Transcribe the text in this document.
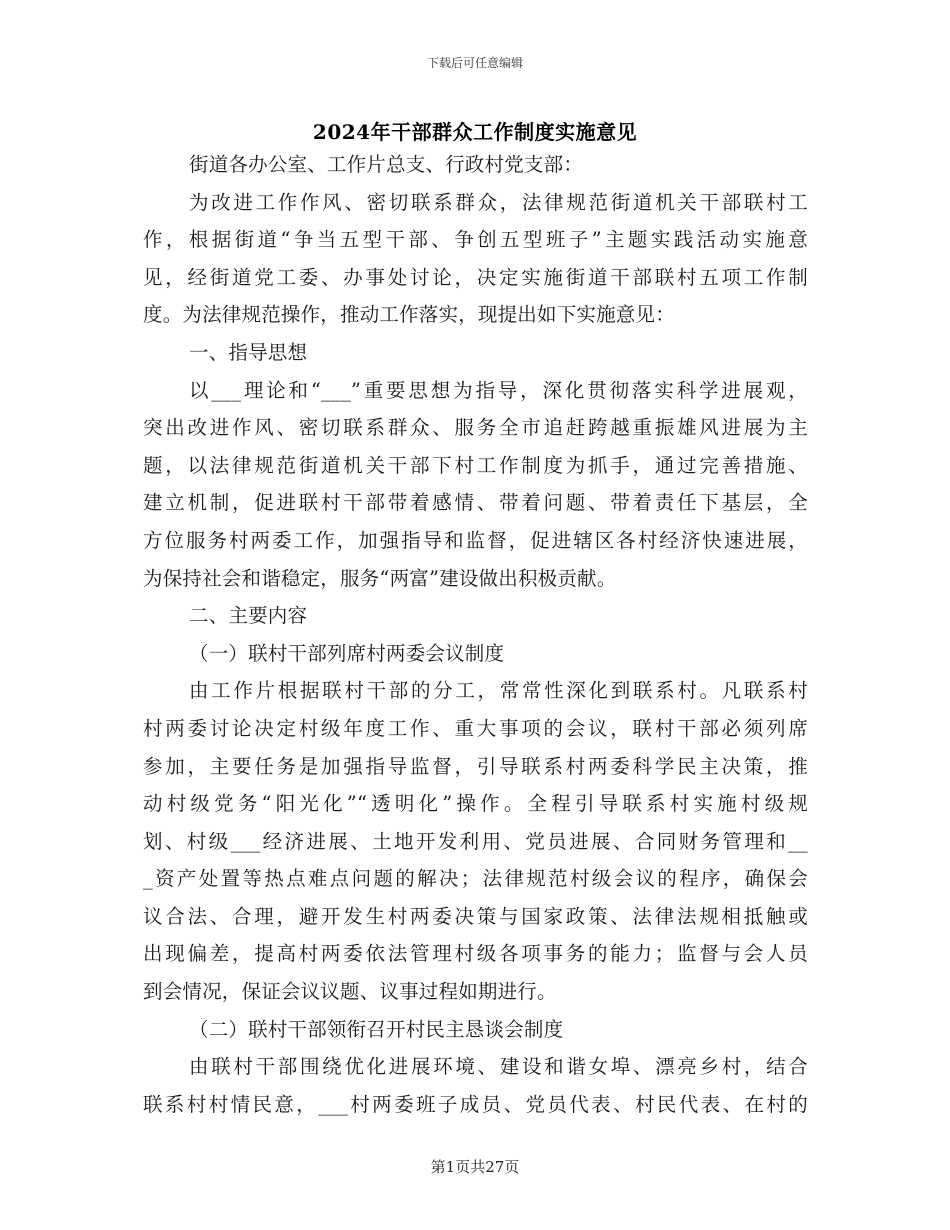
下载后可任意编辑
2024年干部群众工作制度实施意见
街道各办公室、工作片总支、行政村党支部：
为改进工作作风、密切联系群众，法律规范街道机关干部联村工
作，根据街道“争当五型干部、争创五型班子”主题实践活动实施意
见，经街道党工委、办事处讨论，决定实施街道干部联村五项工作制
度。为法律规范操作，推动工作落实，现提出如下实施意见：
一、指导思想
以___理论和“___”重要思想为指导，深化贯彻落实科学进展观，
突出改进作风、密切联系群众、服务全市追赶跨越重振雄风进展为主
题，以法律规范街道机关干部下村工作制度为抓手，通过完善措施、
建立机制，促进联村干部带着感情、带着问题、带着责任下基层，全
方位服务村两委工作，加强指导和监督，促进辖区各村经济快速进展，
为保持社会和谐稳定，服务“两富”建设做出积极贡献。
二、主要内容
（一）联村干部列席村两委会议制度
由工作片根据联村干部的分工，常常性深化到联系村。凡联系村
村两委讨论决定村级年度工作、重大事项的会议，联村干部必须列席
参加，主要任务是加强指导监督，引导联系村两委科学民主决策，推
动村级党务“阳光化”“透明化”操作。全程引导联系村实施村级规
划、村级___经济进展、土地开发利用、党员进展、合同财务管理和__
_资产处置等热点难点问题的解决；法律规范村级会议的程序，确保会
议合法、合理，避开发生村两委决策与国家政策、法律法规相抵触或
出现偏差，提高村两委依法管理村级各项事务的能力；监督与会人员
到会情况，保证会议议题、议事过程如期进行。
（二）联村干部领衔召开村民主恳谈会制度
由联村干部围绕优化进展环境、建设和谐女埠、漂亮乡村，结合
联系村村情民意，___村两委班子成员、党员代表、村民代表、在村的
第1页共27页
